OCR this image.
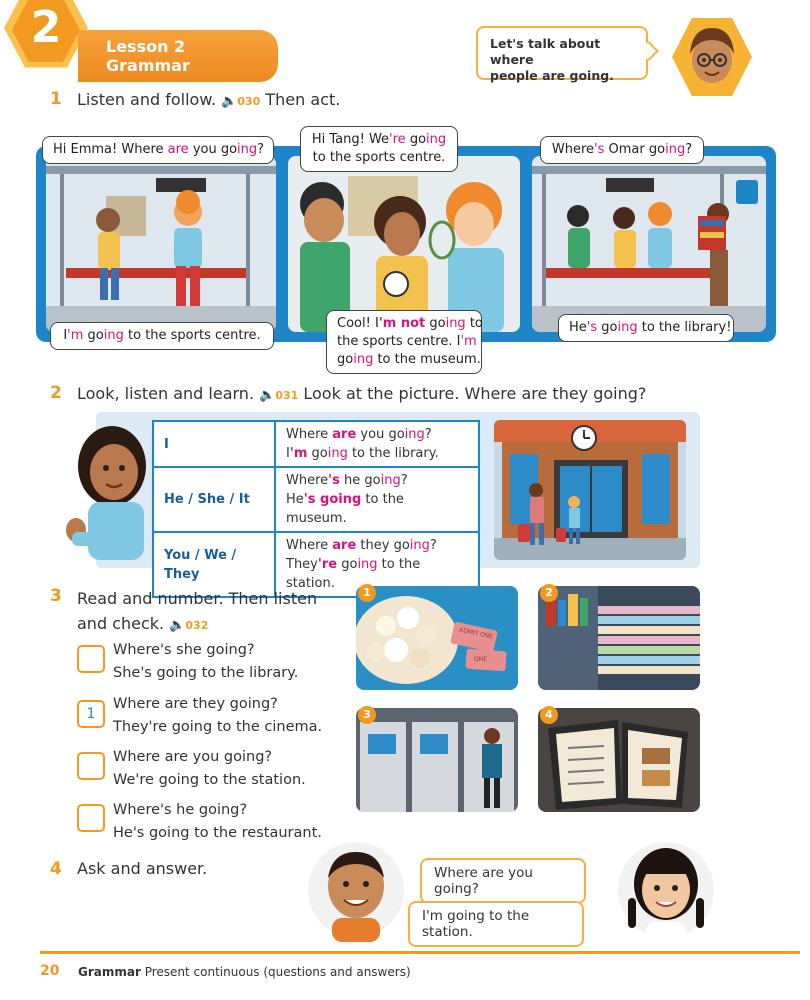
2	Lesson 2 Grammar
Let's talk about where
people are going.
1 Listen and follow. 🔈030 Then act.
Hi Emma! Where are you going?
I'm going to the sports centre.
Hi Tang! We're going
to the sports centre.
Cool! I'm not going to
the sports centre. I'm
going to the museum.
Where's Omar going?
He's going to the library!
2 Look, listen and learn. 🔈031 Look at the picture. Where are they going?
I	Where are you going?
I'm going to the library.

He / She / It	Where's he going?
He's going to the museum.

You / We / They	Where are they going?
They're going to the station.
3 Read and number. Then listen
and check. 🔈032
Where's she going?
She's going to the library.
1
Where are they going?
They're going to the cinema.
Where are you going?
We're going to the station.
Where's he going?
He's going to the restaurant.
ADMIT ONE
ONE
1	2
3	4
4 Ask and answer.	Where are you going?
I'm going to the station.
20 Grammar Present continuous (questions and answers)
